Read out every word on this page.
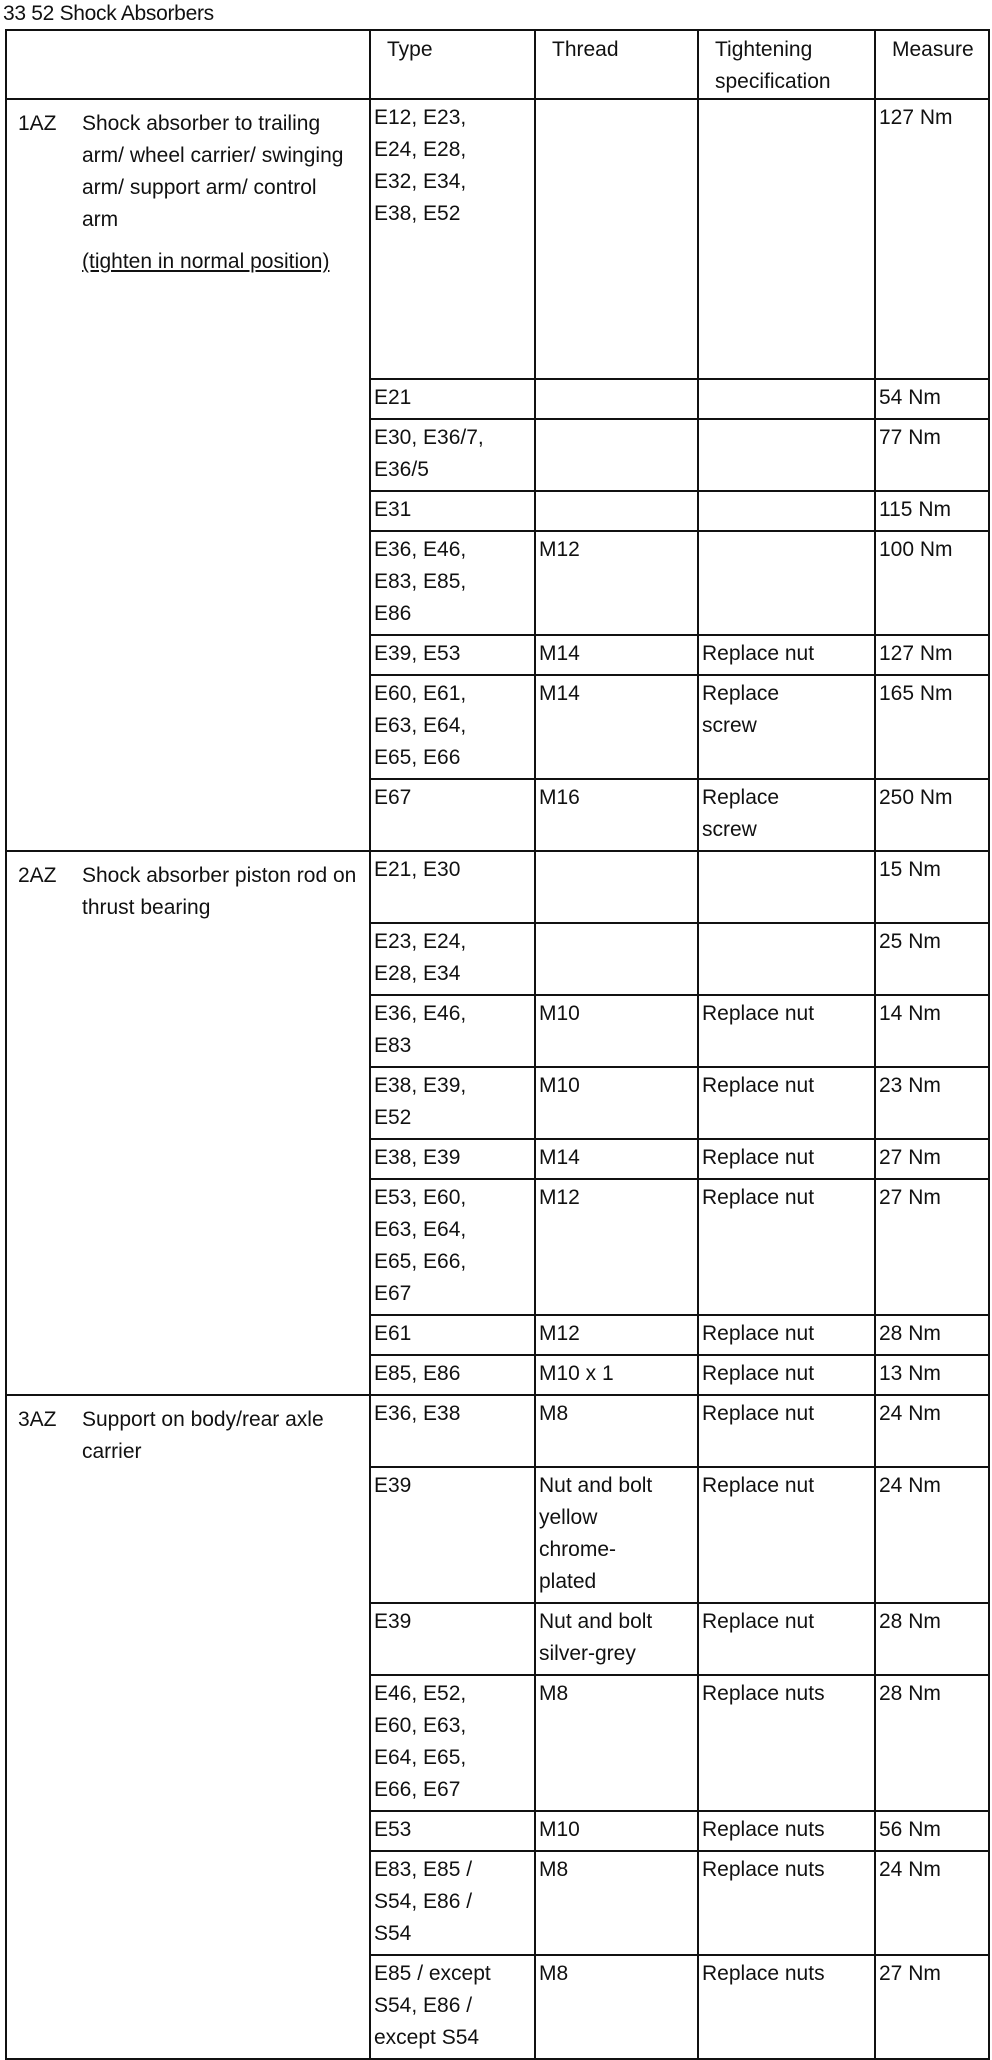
33 52 Shock Absorbers

	Type	Thread	Tightening specification	Measure

1AZ Shock absorber to trailing arm/ wheel carrier/ swinging arm/ support arm/ control arm
(tighten in normal position)	E12, E23,
E24, E28,
E32, E34,
E38, E52			127 Nm
	E21			54 Nm
	E30, E36/7,
E36/5			77 Nm
	E31			115 Nm
	E36, E46,
E83, E85,
E86	M12		100 Nm
	E39, E53	M14	Replace nut	127 Nm
	E60, E61,
E63, E64,
E65, E66	M14	Replace
screw	165 Nm
	E67	M16	Replace
screw	250 Nm

2AZ Shock absorber piston rod on thrust bearing	E21, E30			15 Nm
	E23, E24,
E28, E34			25 Nm
	E36, E46,
E83	M10	Replace nut	14 Nm
	E38, E39,
E52	M10	Replace nut	23 Nm
	E38, E39	M14	Replace nut	27 Nm
	E53, E60,
E63, E64,
E65, E66,
E67	M12	Replace nut	27 Nm
	E61	M12	Replace nut	28 Nm
	E85, E86	M10 x 1	Replace nut	13 Nm

3AZ Support on body/rear axle carrier	E36, E38	M8	Replace nut	24 Nm
	E39	Nut and bolt
yellow
chrome-
plated	Replace nut	24 Nm
	E39	Nut and bolt
silver-grey	Replace nut	28 Nm
	E46, E52,
E60, E63,
E64, E65,
E66, E67	M8	Replace nuts	28 Nm
	E53	M10	Replace nuts	56 Nm
	E83, E85 /
S54, E86 /
S54	M8	Replace nuts	24 Nm
	E85 / except
S54, E86 /
except S54	M8	Replace nuts	27 Nm
